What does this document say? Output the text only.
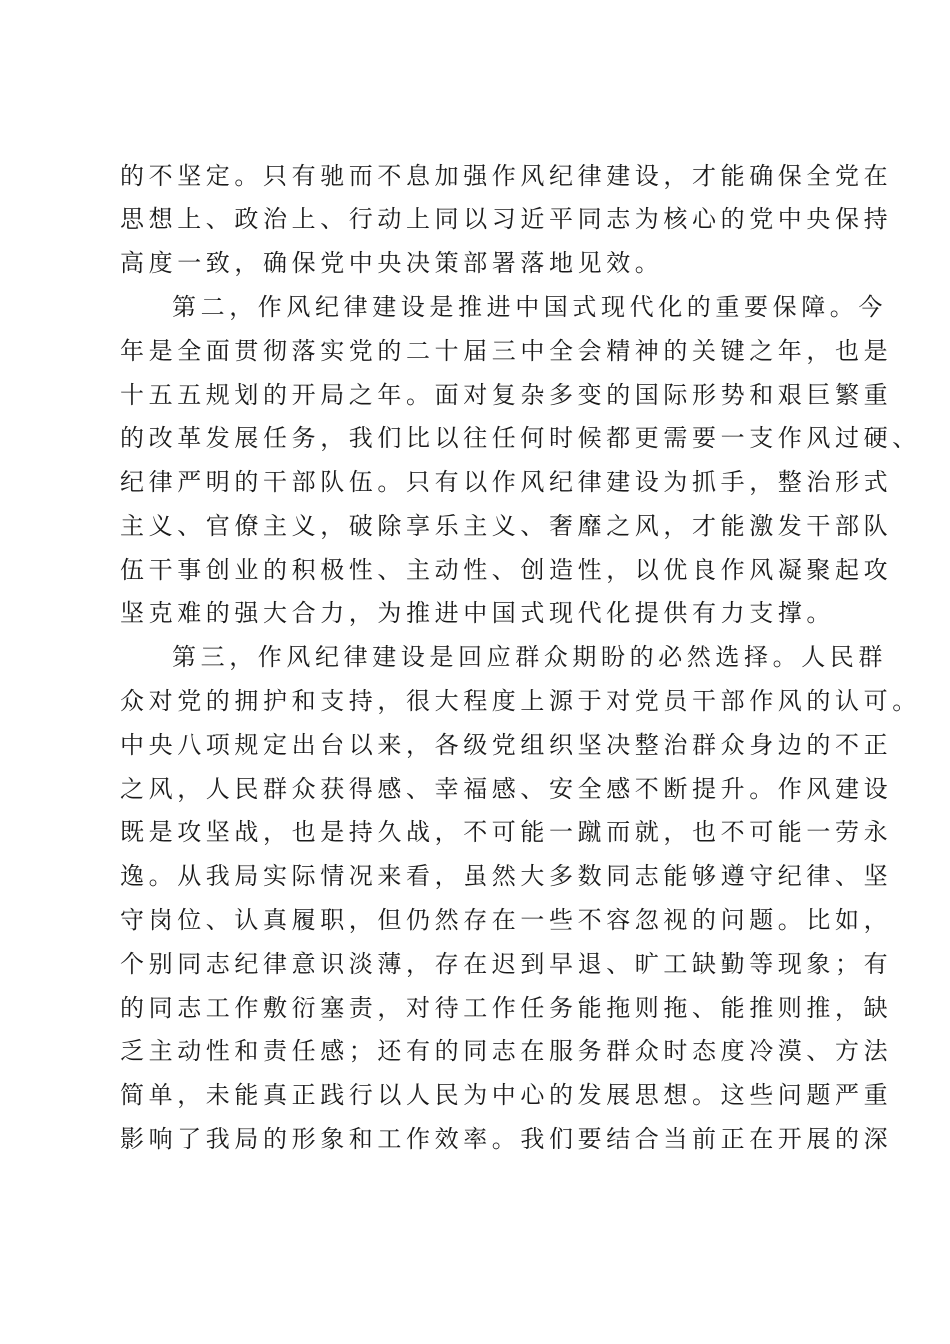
的不坚定。只有驰而不息加强作风纪律建设，才能确保全党在
思想上、政治上、行动上同以习近平同志为核心的党中央保持
高度一致，确保党中央决策部署落地见效。
第二，作风纪律建设是推进中国式现代化的重要保障。今
年是全面贯彻落实党的二十届三中全会精神的关键之年，也是
十五五规划的开局之年。面对复杂多变的国际形势和艰巨繁重
的改革发展任务，我们比以往任何时候都更需要一支作风过硬、
纪律严明的干部队伍。只有以作风纪律建设为抓手，整治形式
主义、官僚主义，破除享乐主义、奢靡之风，才能激发干部队
伍干事创业的积极性、主动性、创造性，以优良作风凝聚起攻
坚克难的强大合力，为推进中国式现代化提供有力支撑。
第三，作风纪律建设是回应群众期盼的必然选择。人民群
众对党的拥护和支持，很大程度上源于对党员干部作风的认可。
中央八项规定出台以来，各级党组织坚决整治群众身边的不正
之风，人民群众获得感、幸福感、安全感不断提升。作风建设
既是攻坚战，也是持久战，不可能一蹴而就，也不可能一劳永
逸。从我局实际情况来看，虽然大多数同志能够遵守纪律、坚
守岗位、认真履职，但仍然存在一些不容忽视的问题。比如，
个别同志纪律意识淡薄，存在迟到早退、旷工缺勤等现象；有
的同志工作敷衍塞责，对待工作任务能拖则拖、能推则推，缺
乏主动性和责任感；还有的同志在服务群众时态度冷漠、方法
简单，未能真正践行以人民为中心的发展思想。这些问题严重
影响了我局的形象和工作效率。我们要结合当前正在开展的深
